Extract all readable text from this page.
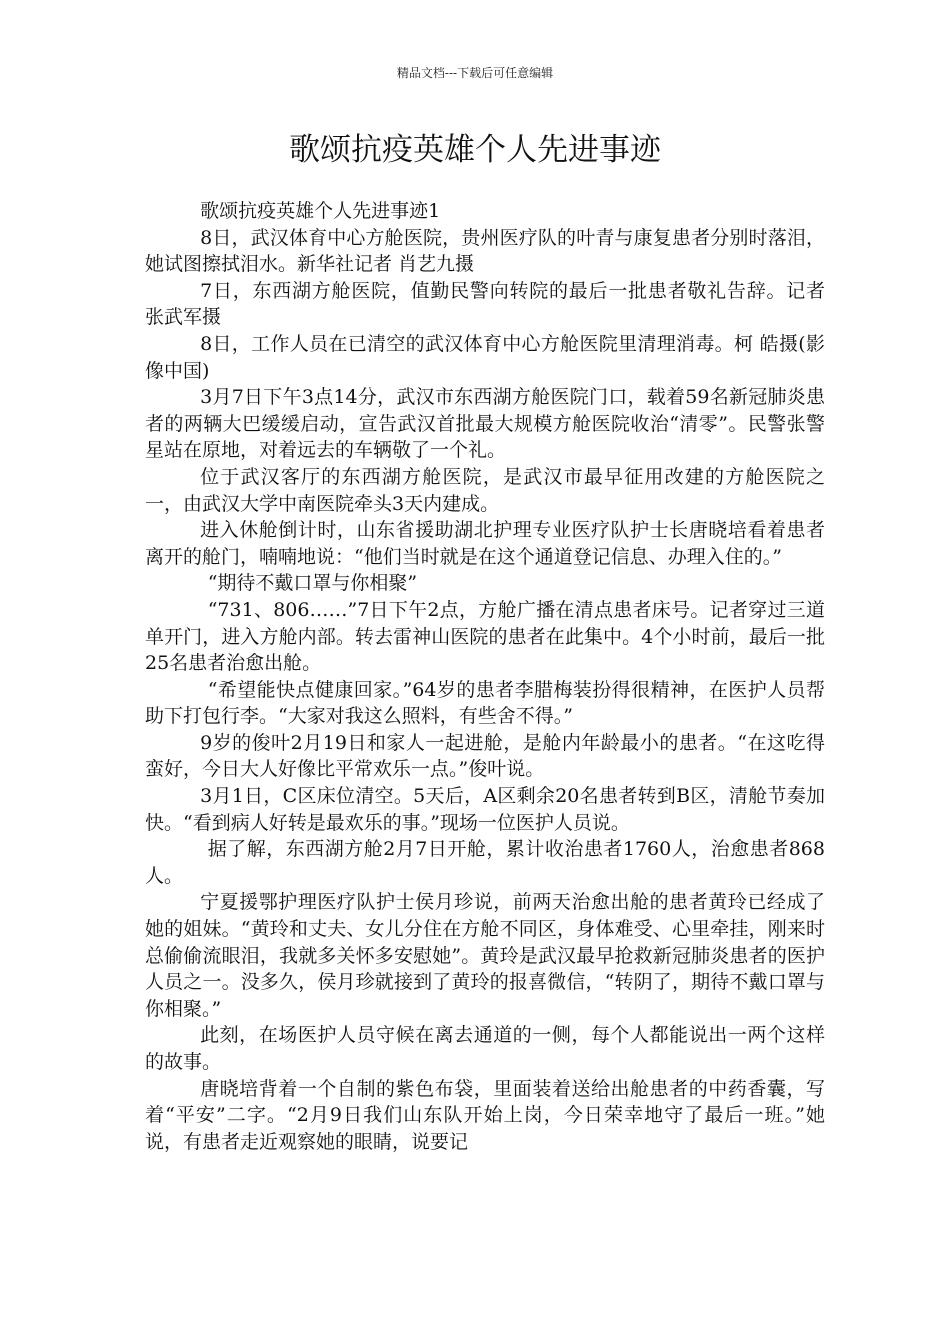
精品文档---下载后可任意编辑
歌颂抗疫英雄个人先进事迹

歌颂抗疫英雄个人先进事迹1

8日，武汉体育中心方舱医院，贵州医疗队的叶青与康复患者分别时落泪，她试图擦拭泪水。新华社记者 肖艺九摄

7日，东西湖方舱医院，值勤民警向转院的最后一批患者敬礼告辞。记者 张武军摄

8日，工作人员在已清空的武汉体育中心方舱医院里清理消毒。柯 皓摄(影像中国)

3月7日下午3点14分，武汉市东西湖方舱医院门口，载着59名新冠肺炎患者的两辆大巴缓缓启动，宣告武汉首批最大规模方舱医院收治“清零”。民警张警星站在原地，对着远去的车辆敬了一个礼。

位于武汉客厅的东西湖方舱医院，是武汉市最早征用改建的方舱医院之一，由武汉大学中南医院牵头3天内建成。

进入休舱倒计时，山东省援助湖北护理专业医疗队护士长唐晓培看着患者离开的舱门，喃喃地说：“他们当时就是在这个通道登记信息、办理入住的。”

“期待不戴口罩与你相聚”

“731、806……”7日下午2点，方舱广播在清点患者床号。记者穿过三道单开门，进入方舱内部。转去雷神山医院的患者在此集中。4个小时前，最后一批25名患者治愈出舱。

“希望能快点健康回家。”64岁的患者李腊梅装扮得很精神，在医护人员帮助下打包行李。“大家对我这么照料，有些舍不得。”

9岁的俊叶2月19日和家人一起进舱，是舱内年龄最小的患者。“在这吃得蛮好，今日大人好像比平常欢乐一点。”俊叶说。

3月1日，C区床位清空。5天后，A区剩余20名患者转到B区，清舱节奏加快。“看到病人好转是最欢乐的事。”现场一位医护人员说。

据了解，东西湖方舱2月7日开舱，累计收治患者1760人，治愈患者868人。

宁夏援鄂护理医疗队护士侯月珍说，前两天治愈出舱的患者黄玲已经成了她的姐妹。“黄玲和丈夫、女儿分住在方舱不同区，身体难受、心里牵挂，刚来时总偷偷流眼泪，我就多关怀多安慰她”。黄玲是武汉最早抢救新冠肺炎患者的医护人员之一。没多久，侯月珍就接到了黄玲的报喜微信，“转阴了，期待不戴口罩与你相聚。”

此刻，在场医护人员守候在离去通道的一侧，每个人都能说出一两个这样的故事。

唐晓培背着一个自制的紫色布袋，里面装着送给出舱患者的中药香囊，写着“平安”二字。“2月9日我们山东队开始上岗，今日荣幸地守了最后一班。”她说，有患者走近观察她的眼睛，说要记
